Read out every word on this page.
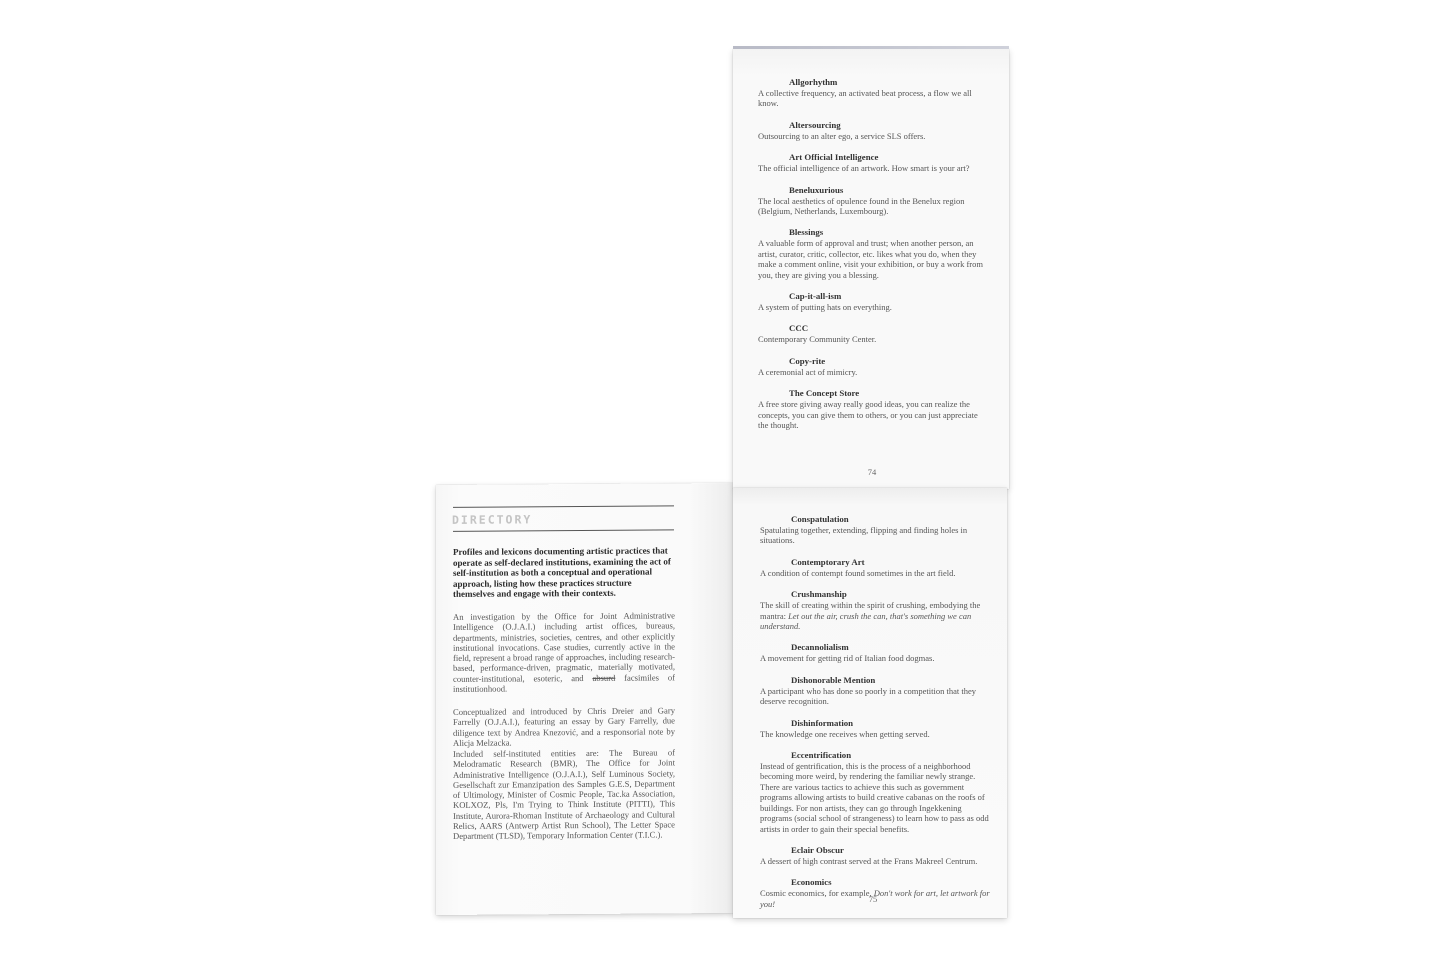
DIRECTORY
Profiles and lexicons documenting artistic practices that operate as self-declared institutions, examining the act of self-institution as both a conceptual and operational approach, listing how these practices structure themselves and engage with their contexts.
An investigation by the Office for Joint Administrative Intelligence (O.J.A.I.) including artist offices, bureaus, departments, ministries, societies, centres, and other explicitly institutional invocations. Case studies, currently active in the field, represent a broad range of approaches, including research-based, performance-driven, pragmatic, materially motivated, counter-institutional, esoteric, and absurd facsimiles of institutionhood.
Conceptualized and introduced by Chris Dreier and Gary Farrelly (O.J.A.I.), featuring an essay by Gary Farrelly, due diligence text by Andrea Knezović, and a responsorial note by Alicja Melzacka.
Included self-instituted entities are: The Bureau of Melodramatic Research (BMR), The Office for Joint Administrative Intelligence (O.J.A.I.), Self Luminous Society, Gesellschaft zur Emanzipation des Samples G.E.S, Department of Ultimology, Minister of Cosmic People, Tac.ka Association, KOLXOZ, Pls, I'm Trying to Think Institute (PITTI), This Institute, Aurora-Rhoman Institute of Archaeology and Cultural Relics, AARS (Antwerp Artist Run School), The Letter Space Department (TLSD), Temporary Information Center (T.I.C.).
Allgorhythm
A collective frequency, an activated beat process, a flow we all know.
Altersourcing
Outsourcing to an alter ego, a service SLS offers.
Art Official Intelligence
The official intelligence of an artwork. How smart is your art?
Beneluxurious
The local aesthetics of opulence found in the Benelux region (Belgium, Netherlands, Luxembourg).
Blessings
A valuable form of approval and trust; when another person, an artist, curator, critic, collector, etc. likes what you do, when they make a comment online, visit your exhibition, or buy a work from you, they are giving you a blessing.
Cap-it-all-ism
A system of putting hats on everything.
CCC
Contemporary Community Center.
Copy-rite
A ceremonial act of mimicry.
The Concept Store
A free store giving away really good ideas, you can realize the concepts, you can give them to others, or you can just appreciate the thought.
74
Conspatulation
Spatulating together, extending, flipping and finding holes in situations.
Contemptorary Art
A condition of contempt found sometimes in the art field.
Crushmanship
The skill of creating within the spirit of crushing, embodying the mantra: Let out the air, crush the can, that's something we can understand.
Decannolialism
A movement for getting rid of Italian food dogmas.
Dishonorable Mention
A participant who has done so poorly in a competition that they deserve recognition.
Dishinformation
The knowledge one receives when getting served.
Eccentrification
Instead of gentrification, this is the process of a neighborhood becoming more weird, by rendering the familiar newly strange. There are various tactics to achieve this such as government programs allowing artists to build creative cabanas on the roofs of buildings. For non artists, they can go through Ingekkening programs (social school of strangeness) to learn how to pass as odd artists in order to gain their special benefits.
Eclair Obscur
A dessert of high contrast served at the Frans Makreel Centrum.
Economics
Cosmic economics, for example, Don't work for art, let artwork for you!	75
